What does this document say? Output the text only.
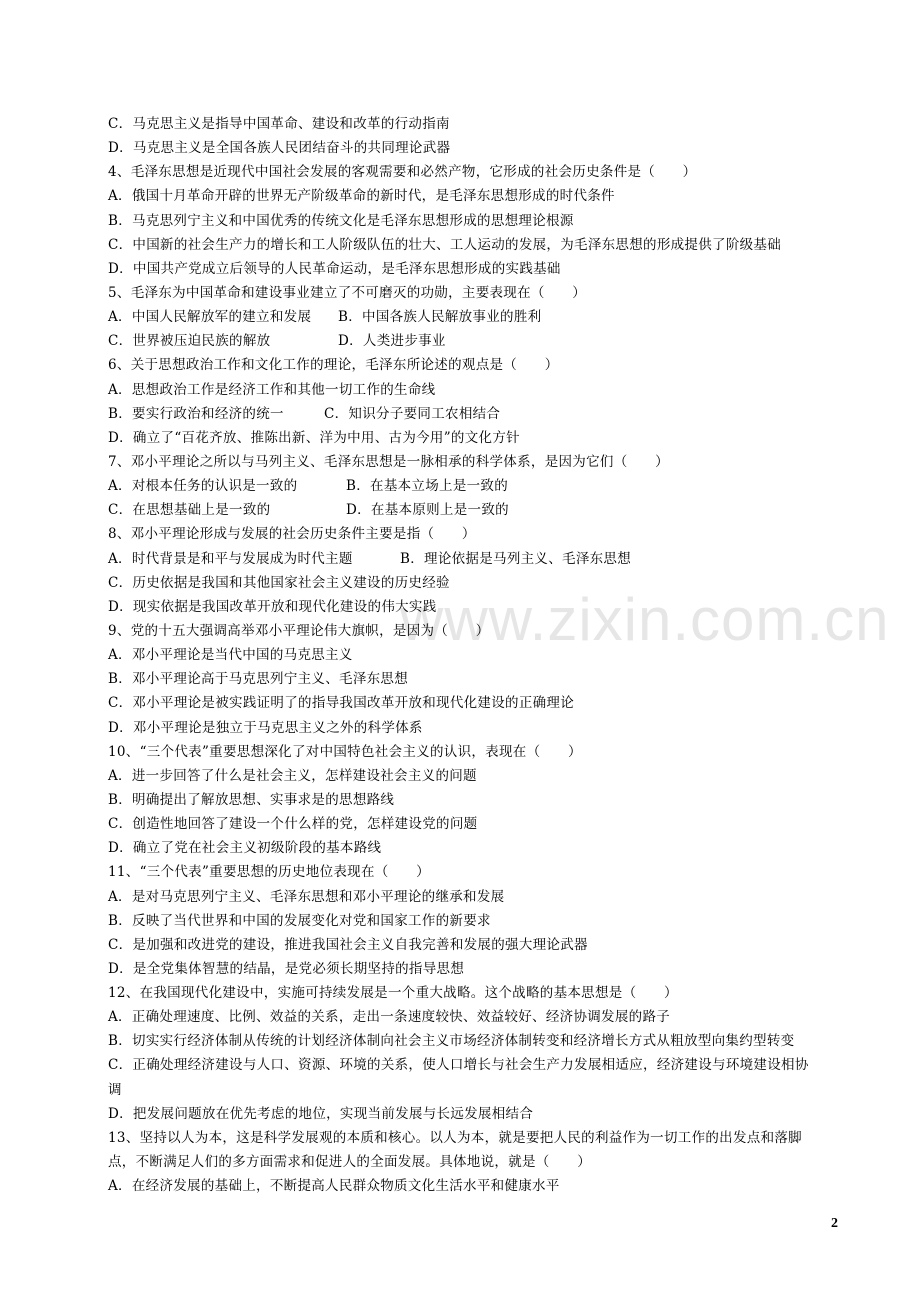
www.zixin.com.cn
C．马克思主义是指导中国革命、建设和改革的行动指南
D．马克思主义是全国各族人民团结奋斗的共同理论武器
4、毛泽东思想是近现代中国社会发展的客观需要和必然产物，它形成的社会历史条件是（　　）
A．俄国十月革命开辟的世界无产阶级革命的新时代，是毛泽东思想形成的时代条件
B．马克思列宁主义和中国优秀的传统文化是毛泽东思想形成的思想理论根源
C．中国新的社会生产力的增长和工人阶级队伍的壮大、工人运动的发展，为毛泽东思想的形成提供了阶级基础
D．中国共产党成立后领导的人民革命运动，是毛泽东思想形成的实践基础
5、毛泽东为中国革命和建设事业建立了不可磨灭的功勋，主要表现在（　　）
A．中国人民解放军的建立和发展	B．中国各族人民解放事业的胜利
C．世界被压迫民族的解放	D．人类进步事业
6、关于思想政治工作和文化工作的理论，毛泽东所论述的观点是（　　）
A．思想政治工作是经济工作和其他一切工作的生命线
B．要实行政治和经济的统一	C．知识分子要同工农相结合
D．确立了“百花齐放、推陈出新、洋为中用、古为今用”的文化方针
7、邓小平理论之所以与马列主义、毛泽东思想是一脉相承的科学体系，是因为它们（　　）
A．对根本任务的认识是一致的	B．在基本立场上是一致的
C．在思想基础上是一致的	D．在基本原则上是一致的
8、邓小平理论形成与发展的社会历史条件主要是指（　　）
A．时代背景是和平与发展成为时代主题	B．理论依据是马列主义、毛泽东思想
C．历史依据是我国和其他国家社会主义建设的历史经验
D．现实依据是我国改革开放和现代化建设的伟大实践
9、党的十五大强调高举邓小平理论伟大旗帜，是因为（　　）
A．邓小平理论是当代中国的马克思主义
B．邓小平理论高于马克思列宁主义、毛泽东思想
C．邓小平理论是被实践证明了的指导我国改革开放和现代化建设的正确理论
D．邓小平理论是独立于马克思主义之外的科学体系
10、“三个代表”重要思想深化了对中国特色社会主义的认识，表现在（　　）
A．进一步回答了什么是社会主义，怎样建设社会主义的问题
B．明确提出了解放思想、实事求是的思想路线
C．创造性地回答了建设一个什么样的党，怎样建设党的问题
D．确立了党在社会主义初级阶段的基本路线
11、“三个代表”重要思想的历史地位表现在（　　）
A．是对马克思列宁主义、毛泽东思想和邓小平理论的继承和发展
B．反映了当代世界和中国的发展变化对党和国家工作的新要求
C．是加强和改进党的建设，推进我国社会主义自我完善和发展的强大理论武器
D．是全党集体智慧的结晶，是党必须长期坚持的指导思想
12、在我国现代化建设中，实施可持续发展是一个重大战略。这个战略的基本思想是（　　）
A．正确处理速度、比例、效益的关系，走出一条速度较快、效益较好、经济协调发展的路子
B．切实实行经济体制从传统的计划经济体制向社会主义市场经济体制转变和经济增长方式从粗放型向集约型转变
C．正确处理经济建设与人口、资源、环境的关系，使人口增长与社会生产力发展相适应，经济建设与环境建设相协调
D．把发展问题放在优先考虑的地位，实现当前发展与长远发展相结合
13、坚持以人为本，这是科学发展观的本质和核心。以人为本，就是要把人民的利益作为一切工作的出发点和落脚点，不断满足人们的多方面需求和促进人的全面发展。具体地说，就是（　　）
A．在经济发展的基础上，不断提高人民群众物质文化生活水平和健康水平
2
